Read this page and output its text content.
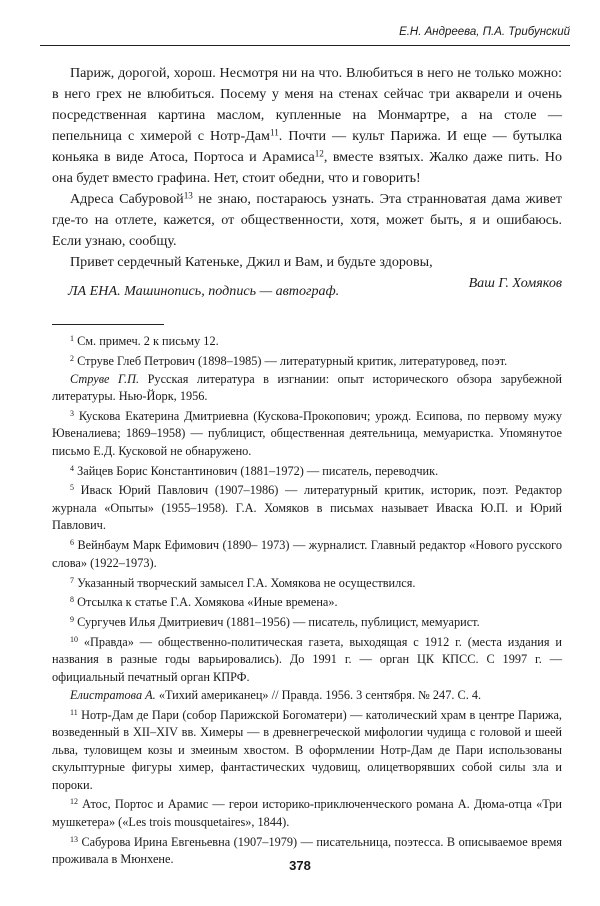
Е.Н. Андреева, П.А. Трибунский

Париж, дорогой, хорош. Несмотря ни на что. Влюбиться в него не только можно: в него грех не влюбиться. Посему у меня на стенах сейчас три акварели и очень посредственная картина маслом, купленные на Монмартре, а на столе — пепельница с химерой с Нотр-Дам$^{11}$. Почти — культ Парижа. И еще — бутылка коньяка в виде Атоса, Портоса и Арамиса$^{12}$, вместе взятых. Жалко даже пить. Но она будет вместо графина. Нет, стоит обедни, что и говорить!

Адреса Сабуровой$^{13}$ не знаю, постараюсь узнать. Эта странноватая дама живет где-то на отлете, кажется, от общественности, хотя, может быть, я и ошибаюсь. Если узнаю, сообщу.

Привет сердечный Катеньке, Джил и Вам, и будьте здоровы,

Ваш Г. Хомяков
ЛА ЕНА. Машинопись, подпись — автограф.

$^1$ См. примеч. 2 к письму 12.

$^2$ Струве Глеб Петрович (1898–1985) — литературный критик, литературовед, поэт.

Струве Г.П. Русская литература в изгнании: опыт исторического обзора зарубежной литературы. Нью-Йорк, 1956.

$^3$ Кускова Екатерина Дмитриевна (Кускова-Прокопович; урожд. Есипова, по первому мужу Ювеналиева; 1869–1958) — публицист, общественная деятельница, мемуаристка. Упомянутое письмо Е.Д. Кусковой не обнаружено.

$^4$ Зайцев Борис Константинович (1881–1972) — писатель, переводчик.

$^5$ Иваск Юрий Павлович (1907–1986) — литературный критик, историк, поэт. Редактор журнала «Опыты» (1955–1958). Г.А. Хомяков в письмах называет Иваска Ю.П. и Юрий Павлович.

$^6$ Вейнбаум Марк Ефимович (1890– 1973) — журналист. Главный редактор «Нового русского слова» (1922–1973).

$^7$ Указанный творческий замысел Г.А. Хомякова не осуществился.

$^8$ Отсылка к статье Г.А. Хомякова «Иные времена».

$^9$ Сургучев Илья Дмитриевич (1881–1956) — писатель, публицист, мемуарист.

$^{10}$ «Правда» — общественно-политическая газета, выходящая с 1912 г. (места издания и названия в разные годы варьировались). До 1991 г. — орган ЦК КПСС. С 1997 г. — официальный печатный орган КПРФ.

Елистратова А. «Тихий американец» // Правда. 1956. 3 сентября. № 247. С. 4.

$^{11}$ Нотр-Дам де Пари (собор Парижской Богоматери) — католический храм в центре Парижа, возведенный в XII–XIV вв. Химеры — в древнегреческой мифологии чудища с головой и шеей льва, туловищем козы и змеиным хвостом. В оформлении Нотр-Дам де Пари использованы скульптурные фигуры химер, фантастических чудовищ, олицетворявших собой силы зла и пороки.

$^{12}$ Атос, Портос и Арамис — герои историко-приключенческого романа А. Дюма-отца «Три мушкетера» («Les trois mousquetaires», 1844).

$^{13}$ Сабурова Ирина Евгеньевна (1907–1979) — писательница, поэтесса. В описываемое время проживала в Мюнхене.	378
